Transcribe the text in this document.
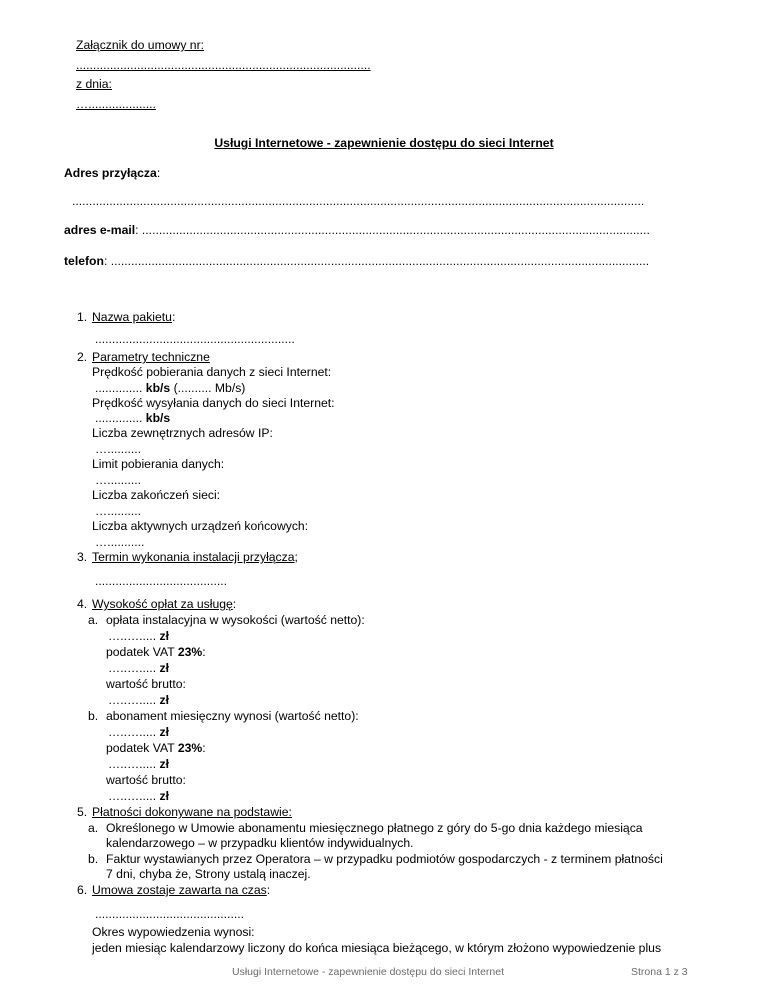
Załącznik do umowy nr:
.......................................................................................
z dnia:
…....................
Usługi Internetowe - zapewnienie dostępu do sieci Internet
Adres przyłącza:
.........................................................................................................................................................................
adres e-mail: ......................................................................................................................................................
telefon: ...............................................................................................................................................................
1. Nazwa pakietu:
...........................................................
2. Parametry techniczne
Prędkość pobierania danych z sieci Internet:
.............. kb/s (.......... Mb/s)
Prędkość wysyłania danych do sieci Internet:
.............. kb/s
Liczba zewnętrznych adresów IP:
…..........
Limit pobierania danych:
…..........
Liczba zakończeń sieci:
…..........
Liczba aktywnych urządzeń końcowych:
…...........
3. Termin wykonania instalacji przyłącza;
.......................................
4. Wysokość opłat za usługę:
a. opłata instalacyjna w wysokości (wartość netto):
…..…..... zł
podatek VAT 23%:
…..…..... zł
wartość brutto:
…..…..... zł
b. abonament miesięczny wynosi (wartość netto):
…..…..... zł
podatek VAT 23%:
…..…..... zł
wartość brutto:
…..…..... zł
5. Płatności dokonywane na podstawie:
a. Określonego w Umowie abonamentu miesięcznego płatnego z góry do 5-go dnia każdego miesiąca
kalendarzowego – w przypadku klientów indywidualnych.
b. Faktur wystawianych przez Operatora – w przypadku podmiotów gospodarczych - z terminem płatności
7 dni, chyba że, Strony ustalą inaczej.
6. Umowa zostaje zawarta na czas:
............................................
Okres wypowiedzenia wynosi:
jeden miesiąc kalendarzowy liczony do końca miesiąca bieżącego, w którym złożono wypowiedzenie plus
Usługi Internetowe - zapewnienie dostępu do sieci Internet	Strona 1 z 3
